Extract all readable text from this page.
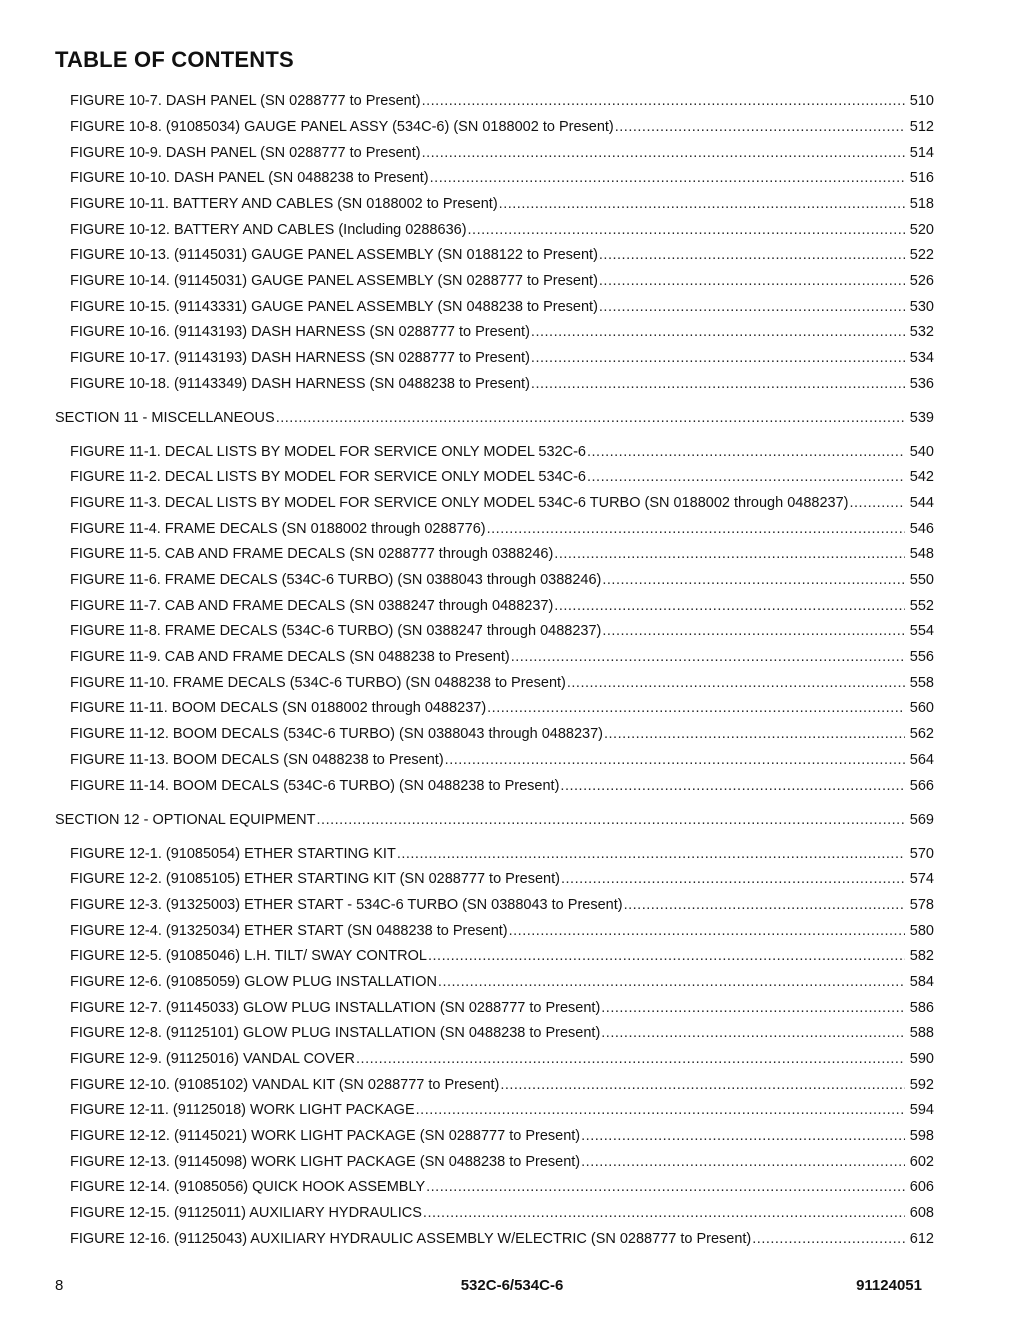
TABLE OF CONTENTS
FIGURE 10-7. DASH PANEL (SN 0288777 to Present) .....	510
FIGURE 10-8. (91085034) GAUGE PANEL ASSY (534C-6) (SN 0188002 to Present) .....	512
FIGURE 10-9. DASH PANEL (SN 0288777 to Present) .....	514
FIGURE 10-10. DASH PANEL (SN 0488238 to Present) .....	516
FIGURE 10-11. BATTERY AND CABLES (SN 0188002 to Present) .....	518
FIGURE 10-12. BATTERY AND CABLES (Including 0288636) .....	520
FIGURE 10-13. (91145031) GAUGE PANEL ASSEMBLY (SN 0188122 to Present) .....	522
FIGURE 10-14. (91145031) GAUGE PANEL ASSEMBLY (SN 0288777 to Present) .....	526
FIGURE 10-15. (91143331) GAUGE PANEL ASSEMBLY (SN 0488238 to Present) .....	530
FIGURE 10-16. (91143193) DASH HARNESS (SN 0288777 to Present) .....	532
FIGURE 10-17. (91143193) DASH HARNESS (SN 0288777 to Present) .....	534
FIGURE 10-18. (91143349) DASH HARNESS (SN 0488238 to Present) .....	536
SECTION 11 - MISCELLANEOUS .....	539
FIGURE 11-1. DECAL LISTS BY MODEL FOR SERVICE ONLY MODEL 532C-6 .....	540
FIGURE 11-2. DECAL LISTS BY MODEL FOR SERVICE ONLY MODEL 534C-6 .....	542
FIGURE 11-3. DECAL LISTS BY MODEL FOR SERVICE ONLY MODEL 534C-6 TURBO (SN 0188002 through 0488237) .....	544
FIGURE 11-4. FRAME DECALS (SN 0188002 through 0288776) .....	546
FIGURE 11-5. CAB AND FRAME DECALS (SN 0288777 through 0388246) .....	548
FIGURE 11-6. FRAME DECALS (534C-6 TURBO) (SN 0388043 through 0388246) .....	550
FIGURE 11-7. CAB AND FRAME DECALS (SN 0388247 through 0488237) .....	552
FIGURE 11-8. FRAME DECALS (534C-6 TURBO) (SN 0388247 through 0488237) .....	554
FIGURE 11-9. CAB AND FRAME DECALS (SN 0488238 to Present) .....	556
FIGURE 11-10. FRAME DECALS (534C-6 TURBO) (SN 0488238 to Present) .....	558
FIGURE 11-11. BOOM DECALS (SN 0188002 through 0488237) .....	560
FIGURE 11-12. BOOM DECALS (534C-6 TURBO) (SN 0388043 through 0488237) .....	562
FIGURE 11-13. BOOM DECALS (SN 0488238 to Present) .....	564
FIGURE 11-14. BOOM DECALS (534C-6 TURBO) (SN 0488238 to Present) .....	566
SECTION 12 - OPTIONAL EQUIPMENT .....	569
FIGURE 12-1. (91085054) ETHER STARTING KIT .....	570
FIGURE 12-2. (91085105) ETHER STARTING KIT (SN 0288777 to Present) .....	574
FIGURE 12-3. (91325003) ETHER START - 534C-6 TURBO (SN 0388043 to Present) .....	578
FIGURE 12-4. (91325034) ETHER START (SN 0488238 to Present) .....	580
FIGURE 12-5. (91085046) L.H. TILT/ SWAY CONTROL .....	582
FIGURE 12-6. (91085059) GLOW PLUG INSTALLATION .....	584
FIGURE 12-7. (91145033) GLOW PLUG INSTALLATION (SN 0288777 to Present) .....	586
FIGURE 12-8. (91125101) GLOW PLUG INSTALLATION (SN 0488238 to Present) .....	588
FIGURE 12-9. (91125016) VANDAL COVER .....	590
FIGURE 12-10. (91085102) VANDAL KIT (SN 0288777 to Present) .....	592
FIGURE 12-11. (91125018) WORK LIGHT PACKAGE .....	594
FIGURE 12-12. (91145021) WORK LIGHT PACKAGE (SN 0288777 to Present) .....	598
FIGURE 12-13. (91145098) WORK LIGHT PACKAGE (SN 0488238 to Present) .....	602
FIGURE 12-14. (91085056) QUICK HOOK ASSEMBLY .....	606
FIGURE 12-15. (91125011) AUXILIARY HYDRAULICS .....	608
FIGURE 12-16. (91125043) AUXILIARY HYDRAULIC ASSEMBLY W/ELECTRIC (SN 0288777 to Present) .....	612
8	532C-6/534C-6	91124051
